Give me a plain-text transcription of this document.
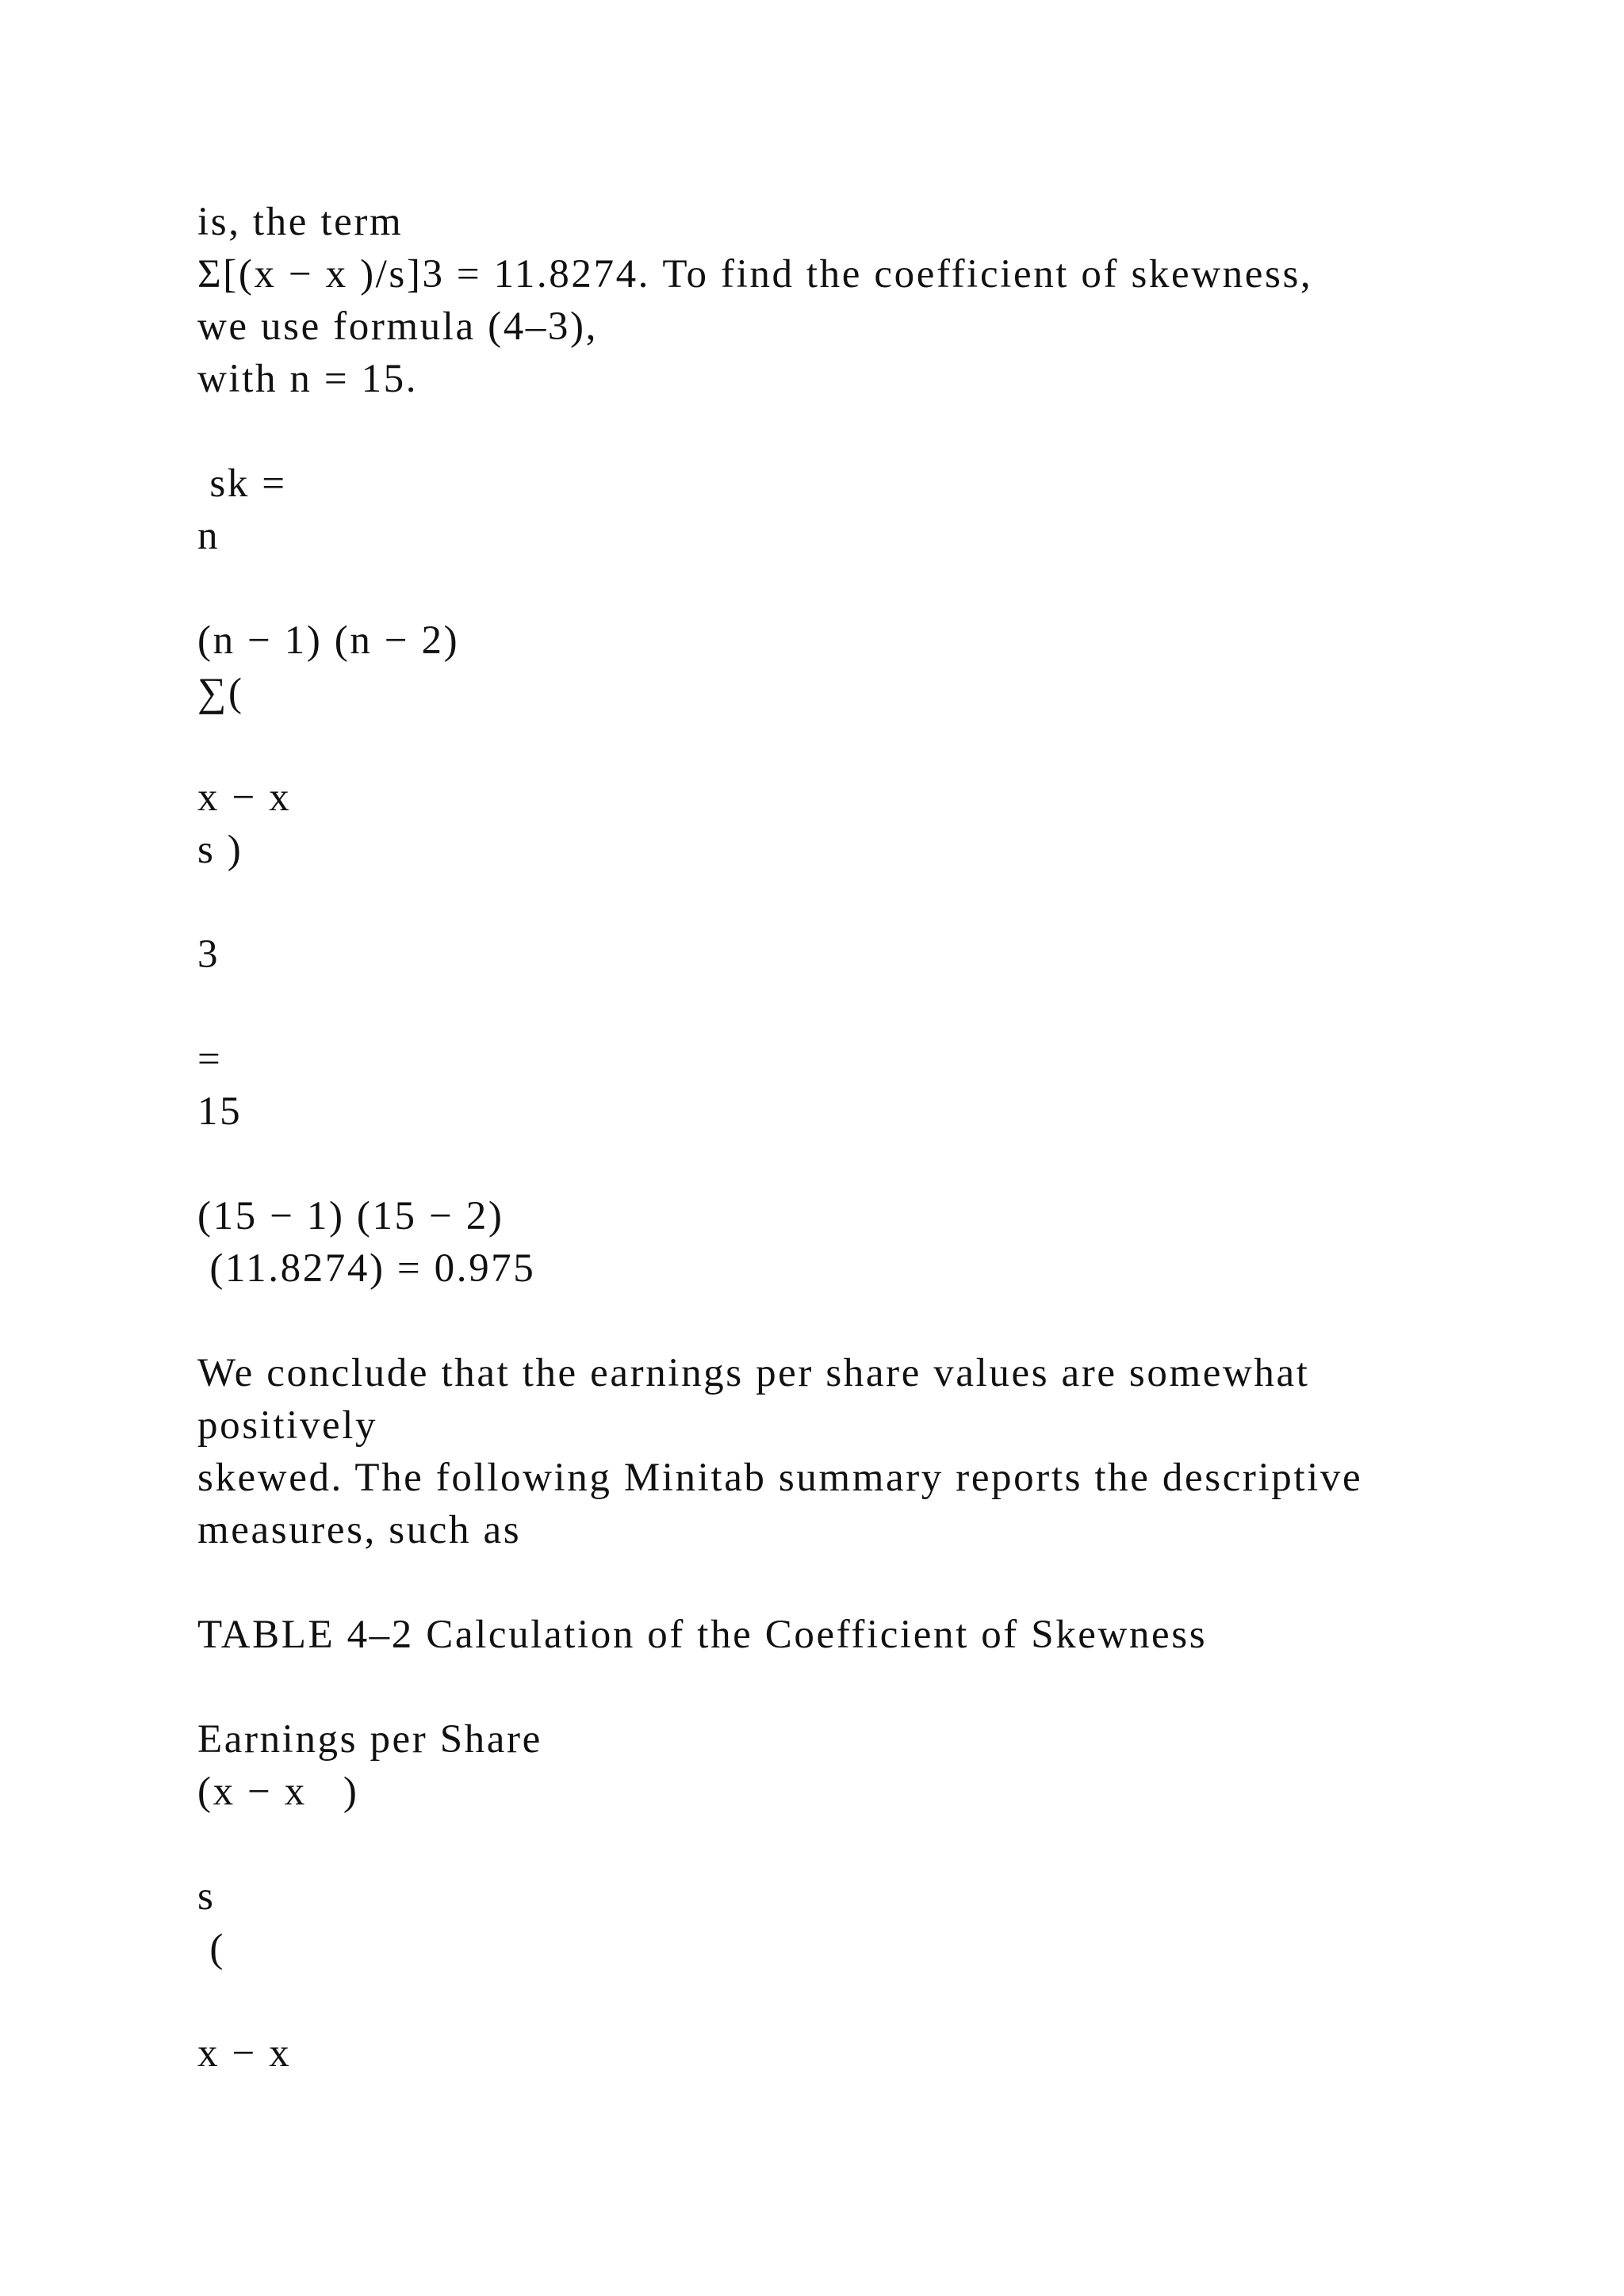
is, the term

Σ[(x − x )/s]3 = 11.8274. To find the coefficient of skewness,

we use formula (4–3),

with n = 15.

sk =

n

(n − 1) (n − 2)

∑(

x − x

s )

3

=

15

(15 − 1) (15 − 2)

(11.8274) = 0.975

We conclude that the earnings per share values are somewhat

positively

skewed. The following Minitab summary reports the descriptive

measures, such as

TABLE 4–2 Calculation of the Coefficient of Skewness

Earnings per Share

(x − x   )

s

(

x − x
